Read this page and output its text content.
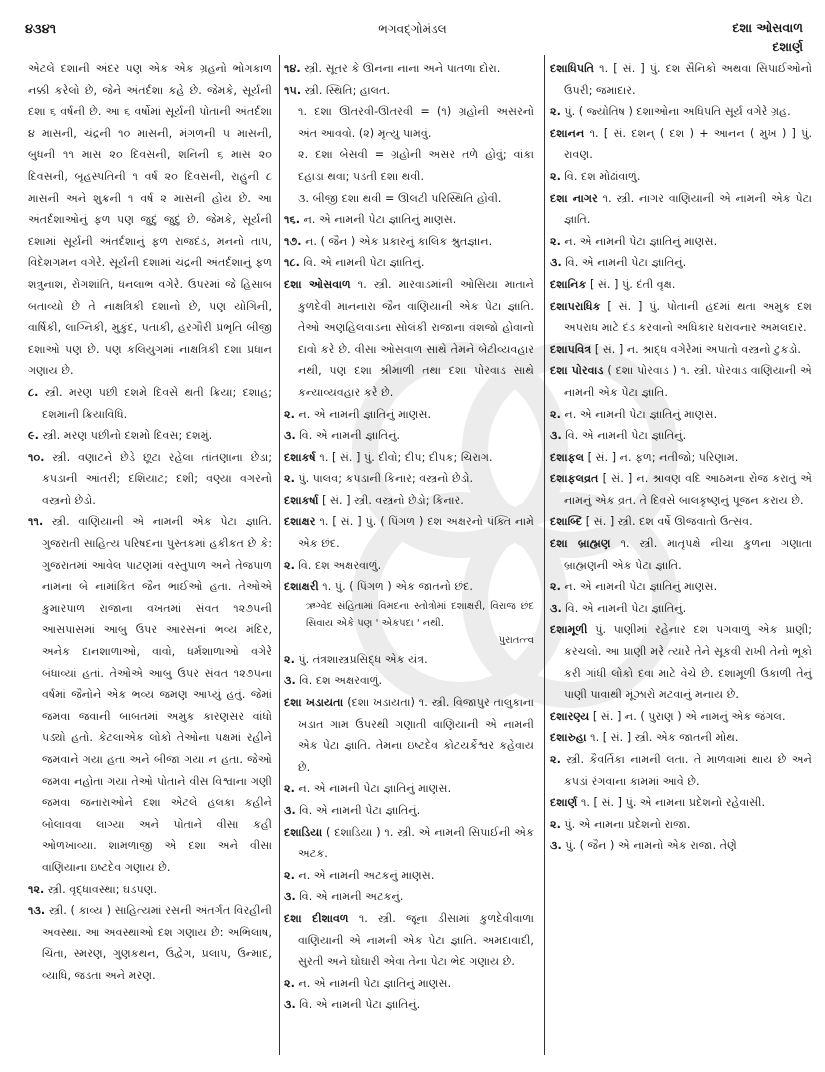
૪૩૪૧	ભગવદ્ગોમંડલ	દશા ઓસવાળ
દશાર્ણ

એટલે દશાની અંદર પણ એક એક ગ્રહનો ભોગકાળ નક્કી કરેલો છે, જેને અંતર્દશા કહે છે. જેમકે, સૂર્યની દશા ૬ વર્ષની છે. આ ૬ વર્ષોમાં સૂર્યની પોતાની અંતર્દશા ૪ માસની, ચંદ્રની ૧૦ માસની, મંગળની ૫ માસની, બુધની ૧૧ માસ ૨૦ દિવસની, શનિની ૬ માસ ૨૦ દિવસની, બૃહસ્પતિની ૧ વર્ષ ૨૦ દિવસની, રાહુની ૮ માસની અને શુક્રની ૧ વર્ષ ૨ માસની હોય છે. આ અંતર્દશાઓનું ફળ પણ જુદું જુદું છે. જેમકે, સૂર્યની દશામાં સૂર્યની અંતર્દશાનું ફળ રાજદંડ, મનનો તાપ, વિદેશગમન વગેરે. સૂર્યની દશામાં ચંદ્રની અંતર્દશાનું ફળ શત્રુનાશ, રોગશાંતિ, ધનલાભ વગેરે. ઉપરમાં જે હિસાબ બતાવ્યો છે તે નાક્ષત્રિકી દશાનો છે, પણ યોગિની, વાર્ષિકી, લાગ્નિકી, મુકુંદ, પતાકી, હરગૌરી પ્રભૃતિ બીજી દશાઓ પણ છે. પણ કલિયુગમાં નાક્ષત્રિકી દશા પ્રધાન ગણાય છે.

૮. સ્ત્રી. મરણ પછી દશમે દિવસે થતી ક્રિયા; દશાહ; દશમાની ક્રિયાવિધિ.

૯. સ્ત્રી. મરણ પછીનો દશમો દિવસ; દશમું.

૧૦. સ્ત્રી. વણાટને છેડે છૂટા રહેલા તાંતણાના છેડા; કપડાની આંતરી; દશિયાટ; દશી; વણ્યા વગરનો વસ્ત્રનો છેડો.

૧૧. સ્ત્રી. વાણિયાની એ નામની એક પેટા જ્ઞાતિ. ગુજરાતી સાહિત્ય પરિષદના પુસ્તકમાં હકીકત છે કે: ગુજરાતમાં આવેલ પાટણમાં વસ્તુપાળ અને તેજપાળ નામના બે નામાંકિત જૈન ભાઈઓ હતા. તેઓએ કુમારપાળ રાજાના વખતમાં સંવત ૧૨૭૫ની આસપાસમાં આબુ ઉપર આરસનાં ભવ્ય મંદિર, અનેક દાનશાળાઓ, વાવો, ધર્મશાળાઓ વગેરે બંધાવ્યાં હતાં. તેઓએ આબુ ઉપર સંવત ૧૨૭૫ના વર્ષમાં જૈનોને એક ભવ્ય જમણ આપ્યું હતું. જેમાં જમવા જવાની બાબતમાં અમુક કારણસર વાંધો પડ્યો હતો. કેટલાએક લોકો તેઓના પક્ષમાં રહીને જમવાને ગયા હતા અને બીજા ગયા ન હતા. જેઓ જમવા નહોતા ગયા તેઓ પોતાને વીસ વિશ્વાના ગણી જમવા જનારાઓને દશા એટલે હલકા કહીને બોલાવવા લાગ્યા અને પોતાને વીસા કહી ઓળખાવ્યા. શામળાજી એ દશા અને વીસા વાણિયાના ઇષ્ટદેવ ગણાય છે.

૧૨. સ્ત્રી. વૃદ્ધાવસ્થા; ઘડપણ.

૧૩. સ્ત્રી. ( કાવ્ય ) સાહિત્યમાં રસની અંતર્ગત વિરહીની અવસ્થા. આ અવસ્થાઓ દશ ગણાય છે: અભિલાષ, ચિંતા, સ્મરણ, ગુણકથન, ઉદ્વેગ, પ્રલાપ, ઉન્માદ, વ્યાધિ, જડતા અને મરણ.

૧૪. સ્ત્રી. સૂતર કે ઊનના નાના અને પાતળા દોરા.

૧૫. સ્ત્રી. સ્થિતિ; હાલત.

૧. દશા ઊતરવી-ઊતરવી = (૧) ગ્રહોની અસરનો અંત આવવો. (૨) મૃત્યુ પામવું.

૨. દશા બેસવી = ગ્રહોની અસર તળે હોવું; વાંકા દહાડા થવા; પડતી દશા થવી.

૩. બીજી દશા થવી = ઊલટી પરિસ્થિતિ હોવી.

૧૬. ન. એ નામની પેટા જ્ઞાતિનું માણસ.

૧૭. ન. ( જૈન ) એક પ્રકારનું કાલિક શ્રુતજ્ઞાન.

૧૮. વિ. એ નામની પેટા જ્ઞાતિનું.

દશા ઓસવાળ ૧. સ્ત્રી. મારવાડમાંની ઓસિયા માતાને કુળદેવી માનનારા જૈન વાણિયાની એક પેટા જ્ઞાતિ. તેઓ અણહિલવાડના સોલંકી રાજાના વંશજો હોવાનો દાવો કરે છે. વીસા ઓસવાળ સાથે તેમને બેટીવ્યવહાર નથી, પણ દશા શ્રીમાળી તથા દશા પોરવાડ સાથે કન્યાવ્યવહાર કરે છે.

૨. ન. એ નામની જ્ઞાતિનું માણસ.

૩. વિ. એ નામની જ્ઞાતિનું.

દશાકર્ષ ૧. [ સં. ] પું. દીવો; દીપ; દીપક; ચિરાગ.

૨. પું. પાલવ; કપડાની કિનાર; વસ્ત્રનો છેડો.

દશાકર્ષા [ સં. ] સ્ત્રી. વસ્ત્રનો છેડો; કિનાર.

દશાક્ષર ૧. [ સં. ] પું. ( પિંગળ ) દશ અક્ષરનો પંક્તિ નામે એક છંદ.

૨. વિ. દશ અક્ષરવાળું.

દશાક્ષરી ૧. પું. ( પિંગળ ) એક જાતનો છંદ.

ઋગ્વેદ સંહિતામાં વિમદના સ્તોત્રોમાં દશાક્ષરી, વિરાજ છંદ સિવાય એકે પણ ' એકપદા ' નથી.
પુરાતત્ત્વ

૨. પું. તંત્રશાસ્ત્રપ્રસિદ્ધ એક યંત્ર.

૩. વિ. દશ અક્ષરવાળું.

દશા ખડાયતા (દશા ખડાયતા) ૧. સ્ત્રી. વિજાપુર તાલુકાના ખડાત ગામ ઉપરથી ગણાતી વાણિયાની એ નામની એક પેટા જ્ઞાતિ. તેમના ઇષ્ટદેવ કોટયર્કેશ્વર કહેવાય છે.

૨. ન. એ નામની પેટા જ્ઞાતિનું માણસ.

૩. વિ. એ નામની પેટા જ્ઞાતિનું.

દશાડિયા ( દશાડિયા ) ૧. સ્ત્રી. એ નામની સિપાઈની એક અટક.

૨. ન. એ નામની અટકનું માણસ.

૩. વિ. એ નામની અટકનું.

દશા દીશાવળ ૧. સ્ત્રી. જૂના ડીસામાં કુળદેવીવાળા વાણિયાની એ નામની એક પેટા જ્ઞાતિ. અમદાવાદી, સુરતી અને ઘોઘારી એવા તેના પેટા ભેદ ગણાય છે.

૨. ન. એ નામની પેટા જ્ઞાતિનું માણસ.

૩. વિ. એ નામની પેટા જ્ઞાતિનું.

દશાધિપતિ ૧. [ સં. ] પું. દશ સૈનિકો અથવા સિપાઈઓનો ઉપરી; જમાદાર.

૨. પું. ( જ્યોતિષ ) દશાઓના અધિપતિ સૂર્ય વગેરે ગ્રહ.

દશાનન ૧. [ સં. દશન્ ( દશ ) + આનન ( મુખ ) ] પું. રાવણ.

૨. વિ. દશ મોઢાંવાળું.

દશા નાગર ૧. સ્ત્રી. નાગર વાણિયાની એ નામની એક પેટા જ્ઞાતિ.

૨. ન. એ નામની પેટા જ્ઞાતિનું માણસ.

૩. વિ. એ નામની પેટા જ્ઞાતિનું.

દશાનિક [ સં. ] પું. દંતી વૃક્ષ.

દશાપરાધિક [ સં. ] પું. પોતાની હદમાં થતા અમુક દશ અપરાધ માટે દંડ કરવાનો અધિકાર ધરાવનાર અમલદાર.

દશાપવિત્ર [ સં. ] ન. શ્રાદ્ધ વગેરેમાં અપાતો વસ્ત્રનો ટુકડો.

દશા પોરવાડ ( દશા પોરવાડ ) ૧. સ્ત્રી. પોરવાડ વાણિયાની એ નામની એક પેટા જ્ઞાતિ.

૨. ન. એ નામની પેટા જ્ઞાતિનું માણસ.

૩. વિ. એ નામની પેટા જ્ઞાતિનું.

દશાફલ [ સં. ] ન. ફળ; નતીજો; પરિણામ.

દશાફલવ્રત [ સં. ] ન. શ્રાવણ વદિ આઠમના રોજ કરાતું એ નામનું એક વ્રત. તે દિવસે બાલકૃષ્ણનું પૂજન કરાય છે.

દશાબ્દિ [ સં. ] સ્ત્રી. દશ વર્ષે ઊજવાતો ઉત્સવ.

દશા બ્રાહ્મણ ૧. સ્ત્રી. માતૃપક્ષે નીચા કુળના ગણાતા બ્રાહ્મણની એક પેટા જ્ઞાતિ.

૨. ન. એ નામની પેટા જ્ઞાતિનું માણસ.

૩. વિ. એ નામની પેટા જ્ઞાતિનું.

દશામૂળી પું. પાણીમાં રહેનાર દશ પગવાળું એક પ્રાણી; કરચલો. આ પ્રાણી મરે ત્યારે તેને સૂકવી રાખી તેનો ભૂકો કરી ગાંધી લોકો દવા માટે વેચે છે. દશામૂળી ઉકાળી તેનું પાણી પાવાથી મૂંઝારો મટવાનું મનાય છે.

દશારણ્ય [ સં. ] ન. ( પુરાણ ) એ નામનું એક જંગલ.

દશારુહા ૧. [ સં. ] સ્ત્રી. એક જાતની મોથ.

૨. સ્ત્રી. કૈવર્તિકા નામની લતા. તે માળવામાં થાય છે અને કપડાં રંગવાના કામમાં આવે છે.

દશાર્ણ ૧. [ સં. ] પું. એ નામના પ્રદેશનો રહેવાસી.

૨. પું. એ નામના પ્રદેશનો રાજા.

૩. પું. ( જૈન ) એ નામનો એક રાજા. તેણે
